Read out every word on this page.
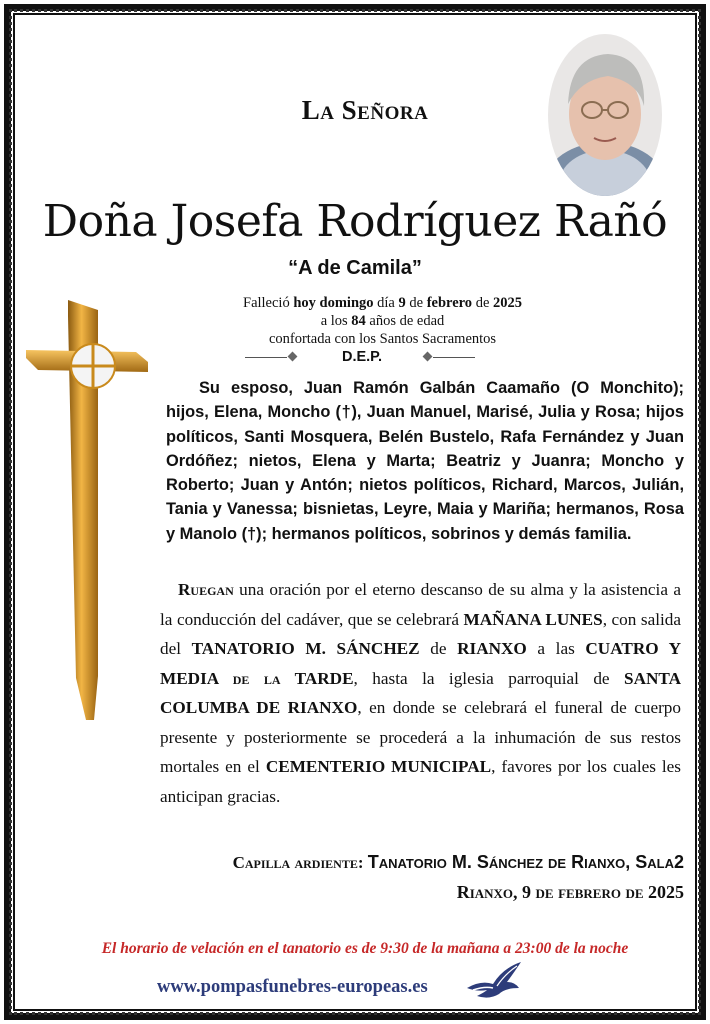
La Señora
Doña Josefa Rodríguez Rañó
“A de Camila”
Falleció hoy domingo día 9 de febrero de 2025
a los 84 años de edad
confortada con los Santos Sacramentos
D.E.P.
Su esposo, Juan Ramón Galbán Caamaño (O Monchito); hijos, Elena, Moncho (†), Juan Manuel, Marisé, Julia y Rosa; hijos políticos, Santi Mosquera, Belén Bustelo, Rafa Fernández y Juan Ordóñez; nietos, Elena y Marta; Beatriz y Juanra; Moncho y Roberto; Juan y Antón; nietos políticos, Richard, Marcos, Julián, Tania y Vanessa; bisnietas, Leyre, Maia y Mariña; hermanos, Rosa y Manolo (†); hermanos políticos, sobrinos y demás familia.
Ruegan una oración por el eterno descanso de su alma y la asistencia a la conducción del cadáver, que se celebrará MAÑANA LUNES, con salida del TANATORIO M. SÁNCHEZ de RIANXO a las CUATRO Y MEDIA de la TARDE, hasta la iglesia parroquial de SANTA COLUMBA DE RIANXO, en donde se celebrará el funeral de cuerpo presente y posteriormente se procederá a la inhumación de sus restos mortales en el CEMENTERIO MUNICIPAL, favores por los cuales les anticipan gracias.
Capilla ardiente: Tanatorio M. Sánchez de Rianxo, Sala2
Rianxo, 9 de febrero de 2025
El horario de velación en el tanatorio es de 9:30 de la mañana a 23:00 de la noche
www.pompasfunebres-europeas.es
